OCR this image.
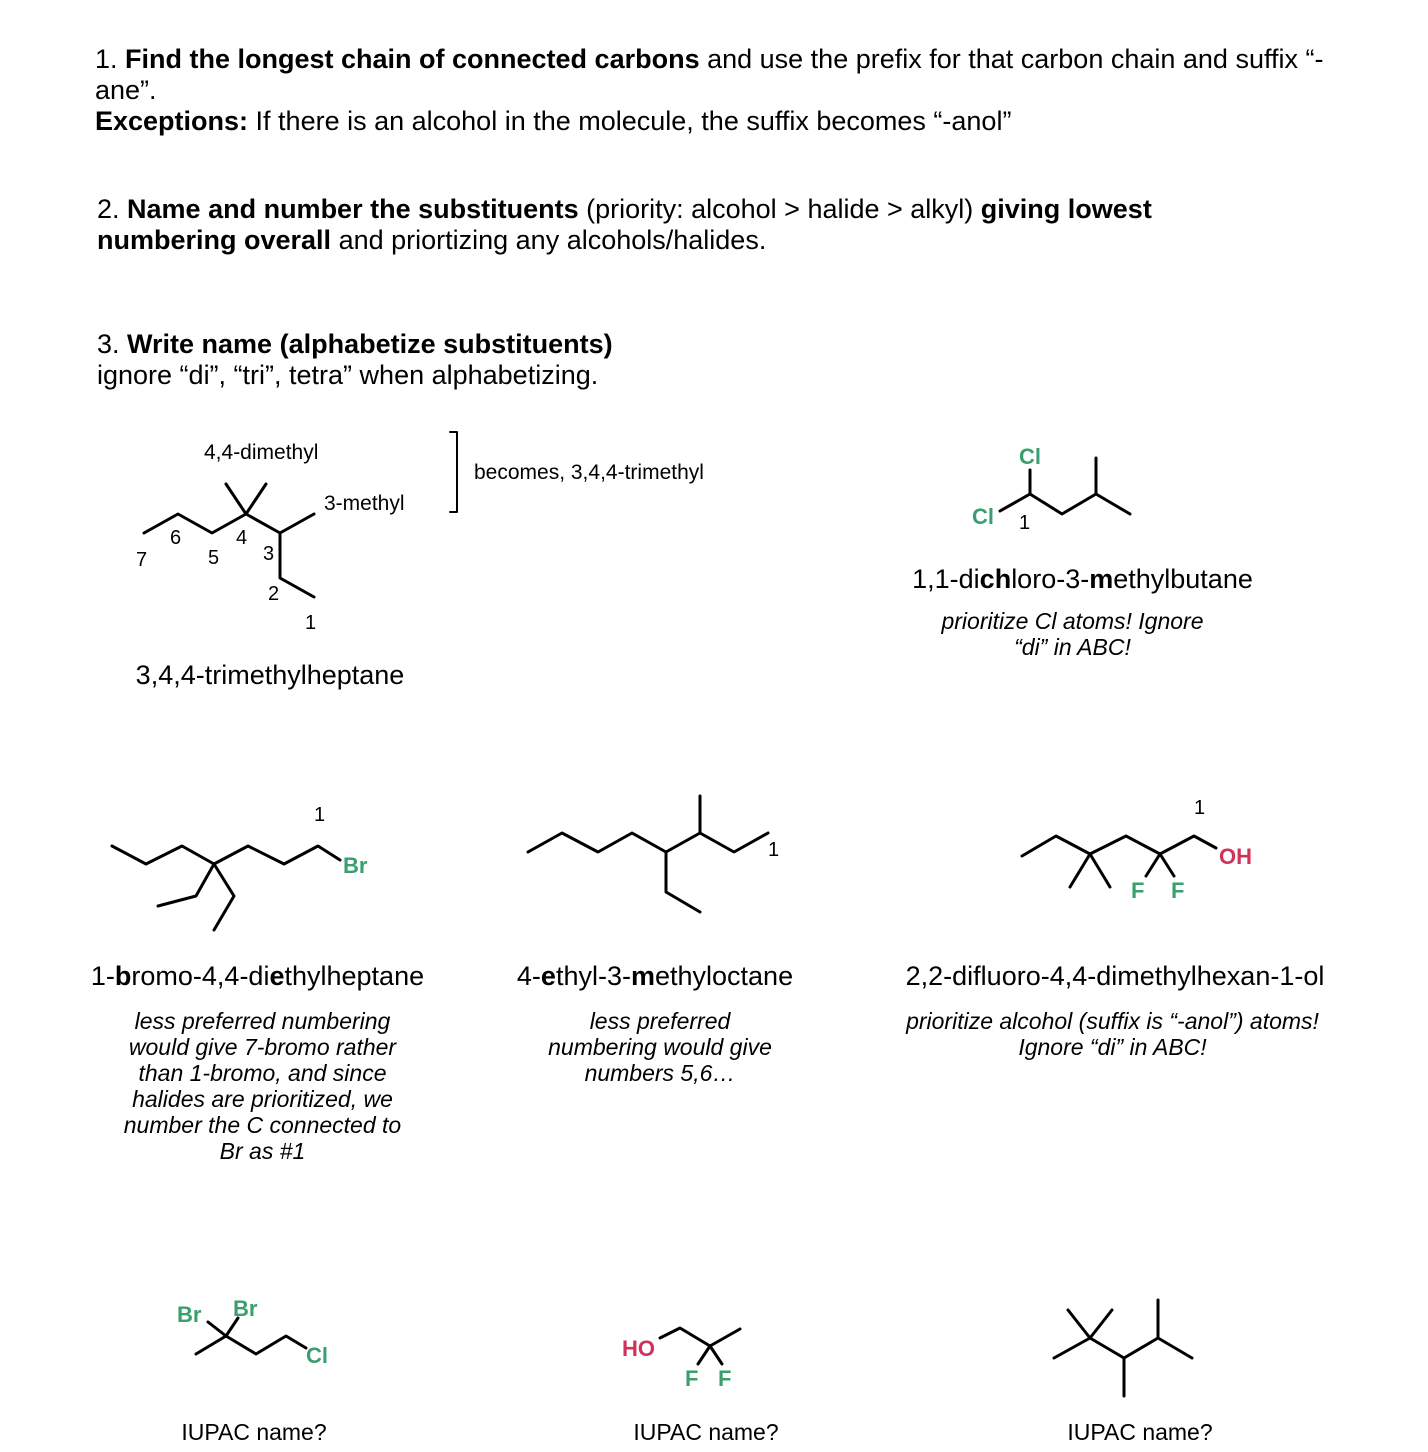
1. Find the longest chain of connected carbons and use the prefix for that carbon chain and suffix “-ane”.

Exceptions: If there is an alcohol in the molecule, the suffix becomes “-anol”

2. Name and number the substituents (priority: alcohol > halide > alkyl) giving lowest numbering overall and priortizing any alcohols/halides.

3. Write name (alphabetize substituents)

ignore “di”, “tri”, tetra” when alphabetizing.

4,4-dimethyl
3-methyl
becomes, 3,4,4-trimethyl
7
6
5
4
3
2
1
3,4,4-trimethylheptane
Cl
Cl 1
1,1-dichloro-3-methylbutane
prioritize Cl atoms! Ignore “di” in ABC!
Br
1
1-bromo-4,4-diethylheptane
less preferred numbering would give 7-bromo rather than 1-bromo, and since halides are prioritized, we number the C connected to Br as #1
1
4-ethyl-3-methyloctane
less preferred numbering would give numbers 5,6…
OH
F F
1
2,2-difluoro-4,4-dimethylhexan-1-ol
prioritize alcohol (suffix is “-anol”) atoms! Ignore “di” in ABC!
Br Br
Cl
IUPAC name?
HO
F F
IUPAC name?	IUPAC name?
